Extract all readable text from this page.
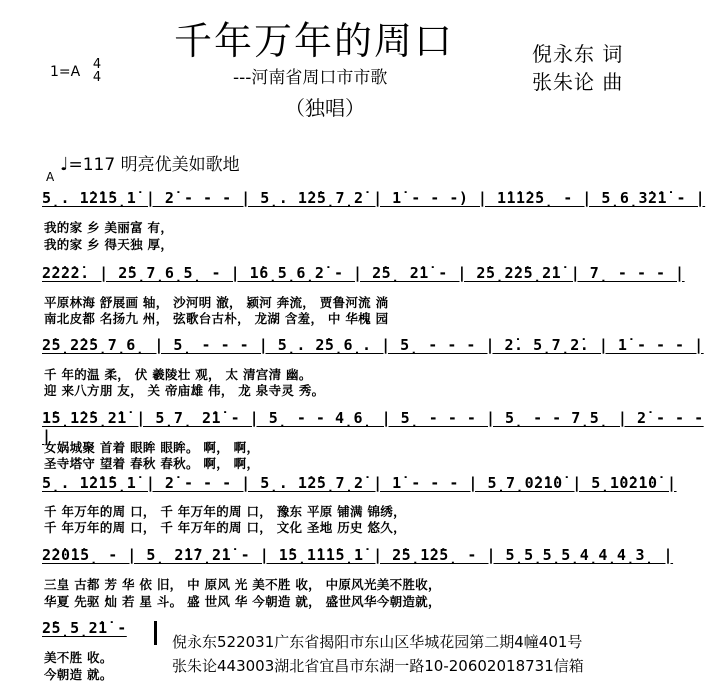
千年万年的周口
---河南省周口市市歌
（独唱）
倪永东 词
张朱论 曲
1=A 4
4
♩=117 明亮优美如歌地
A
5̣. 1̇2̇1̇5̣1̇ | 2̇ - - - | 5̣. 1̇2̇5̣7̣2̇ | 1̇ - - -) | 1̇1̇1̇2̇5̣ - | 5̣6̣3̇2̇1̇ - |
我的家 乡 美丽富 有，
我的家 乡 得天独 厚，
2̇2̇2̇2̇. | 2̇5̣7̣6̣5̣ - | 1̇6̣5̣6̣2̇ - | 2̇5̣ 2̇1̇ - | 2̇5̣2̇2̇5̣2̇1̇ | 7̣ - - - |
平原林海 舒展画 轴， 沙河明 澈， 颍河 奔流， 贾鲁河流 淌
南北皮都 名扬九 州， 弦歌台古朴， 龙湖 含羞， 中 华槐 园
2̇5̣2̇2̇5̣7̣6̣ | 5̣ - - - | 5̣. 2̇5̣6̣. | 5̣ - - - | 2̇. 5̣7̣2̇. | 1̇ - - - |
千 年的温 柔， 伏 羲陵壮 观， 太 清宫清 幽。
迎 来八方朋 友， 关 帝庙雄 伟， 龙 泉寺灵 秀。
1̇5̣1̇2̇5̣2̇1̇ | 5̣7̣ 2̇1̇ - | 5̣ - - 4̣6̣ | 5̣ - - - | 5̣ - - 7̣5̣ | 2̇ - - - |
女娲城聚 首着 眼眸 眼眸。 啊， 啊，
圣寺塔守 望着 春秋 春秋。 啊， 啊，
5̣. 1̇2̇1̇5̣1̇ | 2̇ - - - | 5̣. 1̇2̇5̣7̣2̇ | 1̇ - - - | 5̣7̣0̇2̇1̇0̇ | 5̣1̇0̇2̇1̇0̇ |
千 年万年的周 口， 千 年万年的周 口， 豫东 平原 铺满 锦绣，
千 年万年的周 口， 千 年万年的周 口， 文化 圣地 历史 悠久，
2̇2̇0̇1̇5̣ - | 5̣ 2̇1̇7̣2̇1̇ - | 1̇5̣1̇1̇1̇5̣1̇ | 2̇5̣1̇2̇5̣ - | 5̣5̣5̣5̣4̣4̣4̣3̣ |
三皇 古都 芳 华 依 旧， 中 原风 光 美不胜 收， 中原风光美不胜收，
华夏 先驱 灿 若 星 斗。 盛 世风 华 今朝造 就， 盛世风华今朝造就，
2̇5̣5̣2̇1̇ -
美不胜 收。
今朝造 就。
倪永东522031广东省揭阳市东山区华城花园第二期4幢401号
张朱论443003湖北省宜昌市东湖一路10-20602018731信箱
